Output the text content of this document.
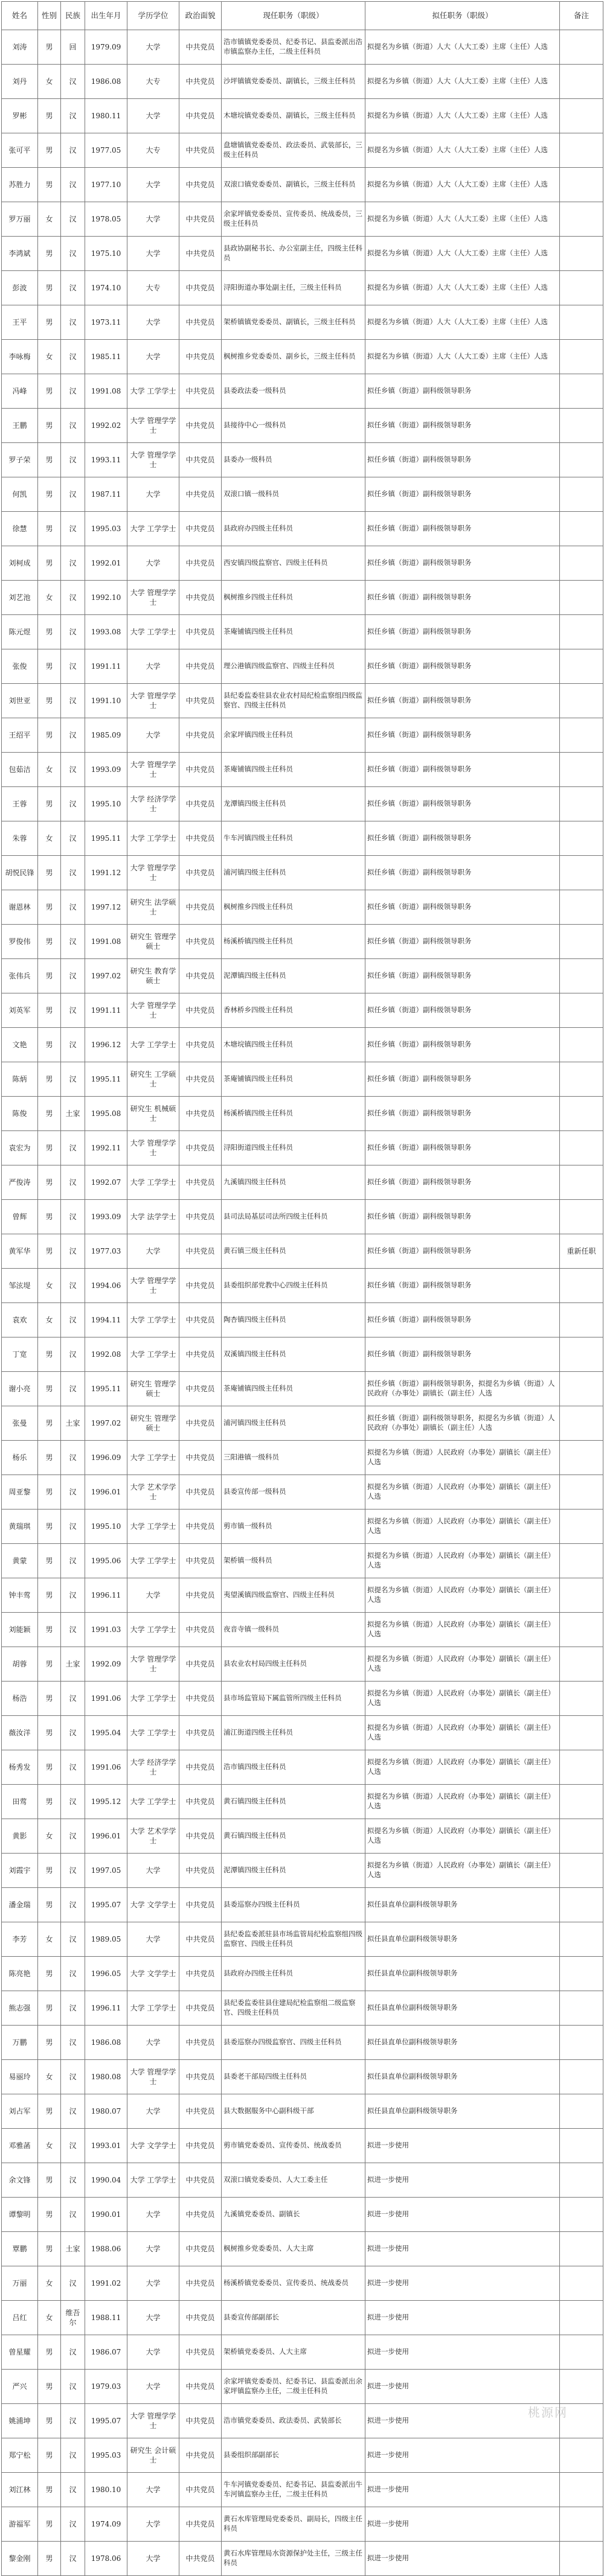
姓名	性别	民族	出生年月	学历学位	政治面貌	现任职务（职级）	拟任职务（职级）	备注
刘涛	男	回	1979.09	大学	中共党员	浩市镇镇党委委员、纪委书记、县监委派出浩市镇监察办主任，二级主任科员	拟提名为乡镇（街道）人大（人大工委）主席（主任）人选	
刘丹	女	汉	1986.08	大专	中共党员	沙坪镇镇党委委员、副镇长，三级主任科员	拟提名为乡镇（街道）人大（人大工委）主席（主任）人选	
罗彬	男	汉	1980.11	大学	中共党员	木塘垸镇党委委员、副镇长，三级主任科员	拟提名为乡镇（街道）人大（人大工委）主席（主任）人选	
张可平	男	汉	1977.05	大专	中共党员	盘塘镇镇党委委员、政法委员、武装部长，三级主任科员	拟提名为乡镇（街道）人大（人大工委）主席（主任）人选	
苏胜力	男	汉	1977.10	大学	中共党员	双滚口镇党委委员、副镇长，三级主任科员	拟提名为乡镇（街道）人大（人大工委）主席（主任）人选	
罗万丽	女	汉	1978.05	大学	中共党员	余家坪镇党委委员、宣传委员、统战委员，三级主任科员	拟提名为乡镇（街道）人大（人大工委）主席（主任）人选	
李鸿斌	男	汉	1975.10	大学	中共党员	县政协副秘书长、办公室副主任，四级主任科员	拟提名为乡镇（街道）人大（人大工委）主席（主任）人选	
彭波	男	汉	1974.10	大专	中共党员	浔阳街道办事处副主任，三级主任科员	拟提名为乡镇（街道）人大（人大工委）主席（主任）人选	
王平	男	汉	1973.11	大学	中共党员	架桥镇镇党委委员、副镇长，三级主任科员	拟提名为乡镇（街道）人大（人大工委）主席（主任）人选	
李咏梅	女	汉	1985.11	大学	中共党员	枫树推乡党委委员、副乡长，三级主任科员	拟提名为乡镇（街道）人大（人大工委）主席（主任）人选	
冯峰	男	汉	1991.08	大学 工学学士	中共党员	县委政法委一级科员	拟任乡镇（街道）副科级领导职务	
王鹏	男	汉	1992.02	大学 管理学学士	中共党员	县接待中心一级科员	拟任乡镇（街道）副科级领导职务	
罗子荣	男	汉	1993.11	大学 管理学学士	中共党员	县委办一级科员	拟任乡镇（街道）副科级领导职务	
何凯	男	汉	1987.11	大学	中共党员	双滚口镇一级科员	拟任乡镇（街道）副科级领导职务	
徐慧	男	汉	1995.03	大学 工学学士	中共党员	县政府办四级主任科员	拟任乡镇（街道）副科级领导职务	
刘柯成	男	汉	1992.01	大学	中共党员	西安镇四级监察官、四级主任科员	拟任乡镇（街道）副科级领导职务	
刘艺池	女	汉	1992.10	大学 管理学学士	中共党员	枫树推乡四级主任科员	拟任乡镇（街道）副科级领导职务	
陈元煜	男	汉	1993.08	大学 工学学士	中共党员	茶庵铺镇四级主任科员	拟任乡镇（街道）副科级领导职务	
张俊	男	汉	1991.11	大学	中共党员	理公港镇四级监察官、四级主任科员	拟任乡镇（街道）副科级领导职务	
刘世亚	男	汉	1991.10	大学 管理学学士	中共党员	县纪委监委驻县农业农村局纪检监察组四级监察官、四级主任科员	拟任乡镇（街道）副科级领导职务	
王绍平	男	汉	1985.09	大学	中共党员	余家坪镇四级主任科员	拟任乡镇（街道）副科级领导职务	
包茹洁	女	汉	1993.09	大学 管理学学士	中共党员	茶庵铺镇四级主任科员	拟任乡镇（街道）副科级领导职务	
王蓉	男	汉	1995.10	大学 经济学学士	中共党员	龙潭镇四级主任科员	拟任乡镇（街道）副科级领导职务	
朱蓉	女	汉	1995.11	大学 工学学士	中共党员	牛车河镇四级主任科员	拟任乡镇（街道）副科级领导职务	
胡悦民锋	男	汉	1991.12	大学 管理学学士	中共党员	浦河镇四级主任科员	拟任乡镇（街道）副科级领导职务	
谢恩林	男	汉	1997.12	研究生 法学硕士	中共党员	枫树推乡四级主任科员	拟任乡镇（街道）副科级领导职务	
罗俊伟	男	汉	1991.08	研究生 管理学硕士	中共党员	杨溪桥镇四级主任科员	拟任乡镇（街道）副科级领导职务	
张伟兵	男	汉	1997.02	研究生 教育学硕士	中共党员	泥潭镇四级主任科员	拟任乡镇（街道）副科级领导职务	
刘英军	男	汉	1991.11	大学 管理学学士	中共党员	香林桥乡四级主任科员	拟任乡镇（街道）副科级领导职务	
文艳	男	汉	1996.12	大学 工学学士	中共党员	木塘垸镇四级主任科员	拟任乡镇（街道）副科级领导职务	
陈炳	男	汉	1995.11	研究生 工学硕士	中共党员	茶庵铺镇四级主任科员	拟任乡镇（街道）副科级领导职务	
陈俊	男	土家	1995.08	研究生 机械硕士	中共党员	杨溪桥镇四级主任科员	拟任乡镇（街道）副科级领导职务	
袁宏为	男	汉	1992.11	大学 管理学学士	中共党员	浔阳街道四级主任科员	拟任乡镇（街道）副科级领导职务	
严俊涛	男	汉	1992.07	大学 工学学士	中共党员	九溪镇四级主任科员	拟任乡镇（街道）副科级领导职务	
曾辉	男	汉	1993.09	大学 法学学士	中共党员	县司法局基层司法所四级主任科员	拟任乡镇（街道）副科级领导职务	
黄军华	男	汉	1977.03	大学	中共党员	黄石镇三级主任科员	拟任乡镇（街道）副科级领导职务	重新任职
邹泫堤	女	汉	1994.06	大学 管理学学士	中共党员	县委组织部党教中心四级主任科员	拟任乡镇（街道）副科级领导职务	
袁欢	女	汉	1994.11	大学 工学学士	中共党员	陶杏镇四级主任科员	拟任乡镇（街道）副科级领导职务	
丁宽	男	汉	1992.08	大学 工学学士	中共党员	双溪镇四级主任科员	拟任乡镇（街道）副科级领导职务	
谢小亮	男	汉	1995.11	研究生 管理学硕士	中共党员	茶庵铺镇四级主任科员	拟任乡镇（街道）副科级领导职务，拟提名为乡镇（街道）人民政府（办事处）副镇长（副主任）人选	
张曼	男	土家	1997.02	研究生 管理学硕士	中共党员	浦河镇四级主任科员	拟任乡镇（街道）副科级领导职务，拟提名为乡镇（街道）人民政府（办事处）副镇长（副主任）人选	
杨乐	男	汉	1996.09	大学 工学学士	中共党员	三阳港镇一级科员	拟提名为乡镇（街道）人民政府（办事处）副镇长（副主任）人选	
周亚黎	男	汉	1996.01	大学 艺术学学士	中共党员	县委宣传部一级科员	拟提名为乡镇（街道）人民政府（办事处）副镇长（副主任）人选	
黄瑞琪	男	汉	1995.10	大学 工学学士	中共党员	剪市镇一级科员	拟提名为乡镇（街道）人民政府（办事处）副镇长（副主任）人选	
黄蒙	男	汉	1995.06	大学 工学学士	中共党员	架桥镇一级科员	拟提名为乡镇（街道）人民政府（办事处）副镇长（副主任）人选	
钟丰莺	男	汉	1996.11	大学	中共党员	夷望溪镇四级监察官、四级主任科员	拟提名为乡镇（街道）人民政府（办事处）副镇长（副主任）人选	
刘能颖	男	汉	1991.03	大学 工学学士	中共党员	夜音寺镇一级科员	拟提名为乡镇（街道）人民政府（办事处）副镇长（副主任）人选	
胡蓉	男	土家	1992.09	大学 管理学学士	中共党员	县农业农村局四级主任科员	拟提名为乡镇（街道）人民政府（办事处）副镇长（副主任）人选	
杨浩	男	汉	1991.06	大学 工学学士	中共党员	县市场监管局下属监管所四级主任科员	拟提名为乡镇（街道）人民政府（办事处）副镇长（副主任）人选	
薇汝洋	男	汉	1995.04	大学 工学学士	中共党员	浦江街道四级主任科员	拟提名为乡镇（街道）人民政府（办事处）副镇长（副主任）人选	
杨秀发	男	汉	1991.06	大学 经济学学士	中共党员	浩市镇四级主任科员	拟提名为乡镇（街道）人民政府（办事处）副镇长（副主任）人选	
田莺	男	汉	1995.12	大学 工学学士	中共党员	黄石镇四级主任科员	拟提名为乡镇（街道）人民政府（办事处）副镇长（副主任）人选	
黄影	女	汉	1996.01	大学 艺术学学士	中共党员	黄石镇四级主任科员	拟提名为乡镇（街道）人民政府（办事处）副镇长（副主任）人选	
刘霞宇	男	汉	1997.05	大学	中共党员	泥潭镇四级主任科员	拟提名为乡镇（街道）人民政府（办事处）副镇长（副主任）人选	
潘金瑞	男	汉	1995.07	大学 文学学士	中共党员	县委巡察办四级主任科员	拟任县直单位副科级领导职务	
李芳	女	汉	1989.05	大学	中共党员	县纪委监委派驻县市场监管局纪检监察组四级监察官、四级主任科员	拟任县直单位副科级领导职务	
陈亮艳	男	汉	1996.05	大学 文学学士	中共党员	县政府办四级主任科员	拟任县直单位副科级领导职务	
熊志强	男	汉	1996.11	大学 工学学士	中共党员	县纪委监委驻县住建局纪检监察组二级监察官、四级主任科员	拟任县直单位副科级领导职务	
万鹏	男	汉	1986.08	大学	中共党员	县委巡察办四级监察官、四级主任科员	拟任县直单位副科级领导职务	
易丽玲	女	汉	1980.08	大学 管理学学士	中共党员	县委老干部局四级主任科员	拟任县直单位副科级领导职务	
刘占军	男	汉	1980.07	大学	中共党员	县大数据服务中心副科级干部	拟任县直单位副科级领导职务	
邓雅菡	女	汉	1993.01	大学 文学学士	中共党员	剪市镇党委委员、宣传委员、统战委员	拟进一步使用	
余文锋	男	汉	1990.04	大学 工学学士	中共党员	双滚口镇党委委员、人大工委主任	拟进一步使用	
谭黎明	男	汉	1990.01	大学	中共党员	九溪镇党委委员、副镇长	拟进一步使用	
覃鹏	男	土家	1988.06	大学	中共党员	枫树推乡党委委员、人大主席	拟进一步使用	
万丽	女	汉	1991.02	大学	中共党员	杨溪桥镇党委委员、宣传委员、统战委员	拟进一步使用	
吕红	女	维吾尔	1988.11	大学	中共党员	县委宣传部副部长	拟进一步使用	
曾星耀	男	汉	1986.07	大学	中共党员	架桥镇党委委员、人大主席	拟进一步使用	
严兴	男	汉	1979.03	大学	中共党员	余家坪镇党委委员、纪委书记、县监委派出余家坪镇监察办主任，二级主任科员	拟进一步使用	
姚浦坤	男	汉	1995.07	大学 管理学学士	中共党员	浩市镇党委委员、政法委员、武装部长	拟进一步使用	
郑宁松	男	汉	1995.03	研究生 会计硕士	中共党员	县委组织部副部长	拟进一步使用	
刘江林	男	汉	1980.10	大学	中共党员	牛车河镇党委委员、纪委书记、县监委派出牛车河镇监察办主任，二级主任科员	拟进一步使用	
游福军	男	汉	1974.09	大学	中共党员	黄石水库管理局党委委员、副局长，四级主任科员	拟进一步使用	
黎金刚	男	汉	1978.06	大学	中共党员	黄石水库管理局水资源保护处主任，三级主任科员	拟进一步使用	
桃源网
